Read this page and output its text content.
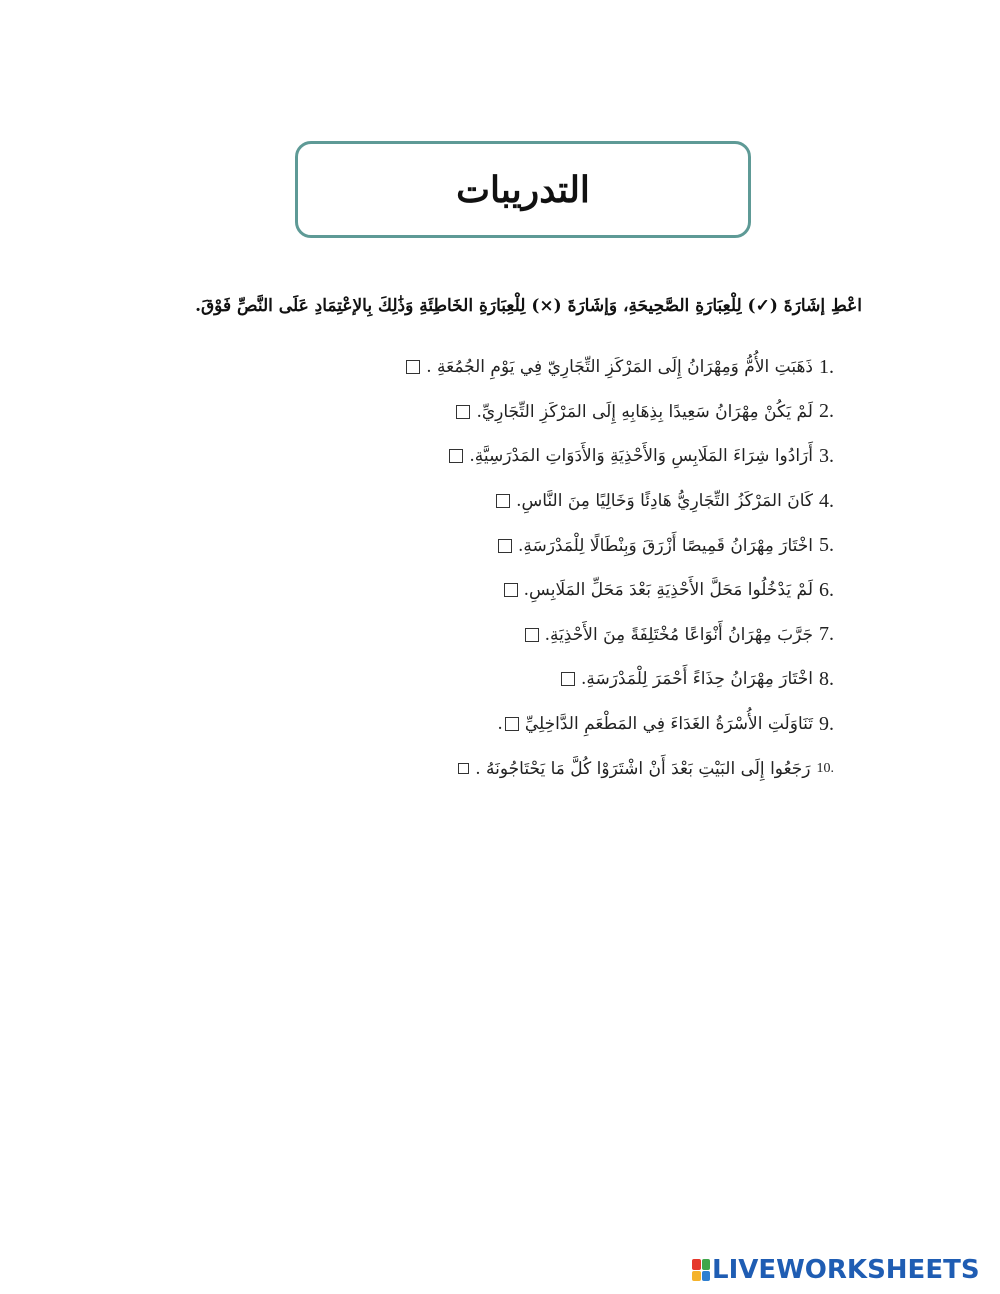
التدريبات
اعْطِ إشَارَةَ (✓) لِلْعِبَارَةِ الصَّحِيحَةِ، وَإشَارَةَ (×) لِلْعِبَارَةِ الخَاطِئَةِ وَذَٰلِكَ بِالإعْتِمَادِ عَلَى النَّصِّ فَوْقَ.
1.
ذَهَبَتِ الأُمُّ وَمِهْرَانُ إِلَى المَرْكَزِ التِّجَارِيّ فِي يَوْمِ الجُمُعَةِ .
2.
لَمْ يَكُنْ مِهْرَانُ سَعِيدًا بِذِهَابِهِ إِلَى المَرْكَزِ التِّجَارِيِّ.
3.
أَرَادُوا شِرَاءَ المَلَابِسِ وَالأَحْذِيَةِ وَالأَدَوَاتِ المَدْرَسِيَّةِ.
4.
كَانَ المَرْكَزُ التِّجَارِيُّ هَادِئًا وَخَالِيًا مِنَ النَّاسِ.
5.
اخْتَارَ مِهْرَانُ قَمِيصًا أَزْرَقَ وَبِنْطَالًا لِلْمَدْرَسَةِ.
6.
لَمْ يَدْخُلُوا مَحَلَّ الأَحْذِيَةِ بَعْدَ مَحَلِّ المَلَابِسِ.
7.
جَرَّبَ مِهْرَانُ أَنْوَاعًا مُخْتَلِفَةً مِنَ الأَحْذِيَةِ.
8.
اخْتَارَ مِهْرَانُ حِذَاءً أَحْمَرَ لِلْمَدْرَسَةِ.
9.
تَنَاوَلَتِ الأُسْرَةُ الغَدَاءَ فِي المَطْعَمِ الدَّاخِلِيِّ
.
10.
رَجَعُوا إِلَى البَيْتِ بَعْدَ أَنْ اشْتَرَوْا كُلَّ مَا يَحْتَاجُونَهُ .
LIVEWORKSHEETS
